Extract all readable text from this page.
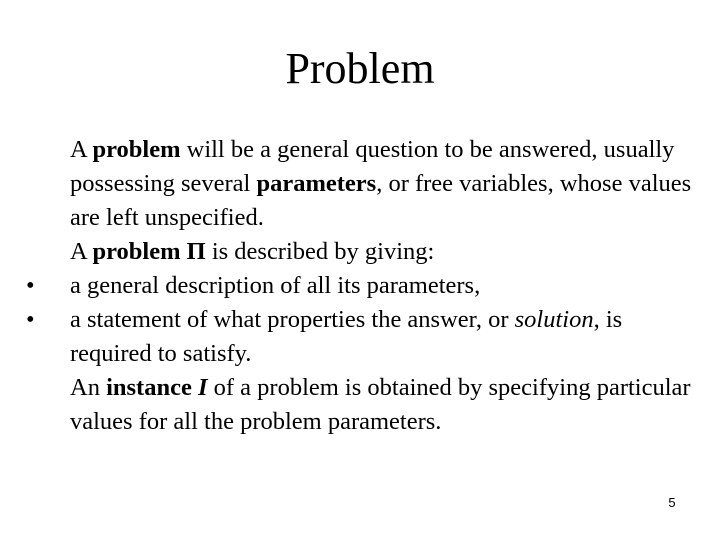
Problem
A problem will be a general question to be answered, usually possessing several parameters, or free variables, whose values are left unspecified.
A problem Π is described by giving:
•	a general description of all its parameters,
•	a statement of what properties the answer, or solution, is required to satisfy.
An instance I of a problem is obtained by specifying particular values for all the problem parameters.
5
